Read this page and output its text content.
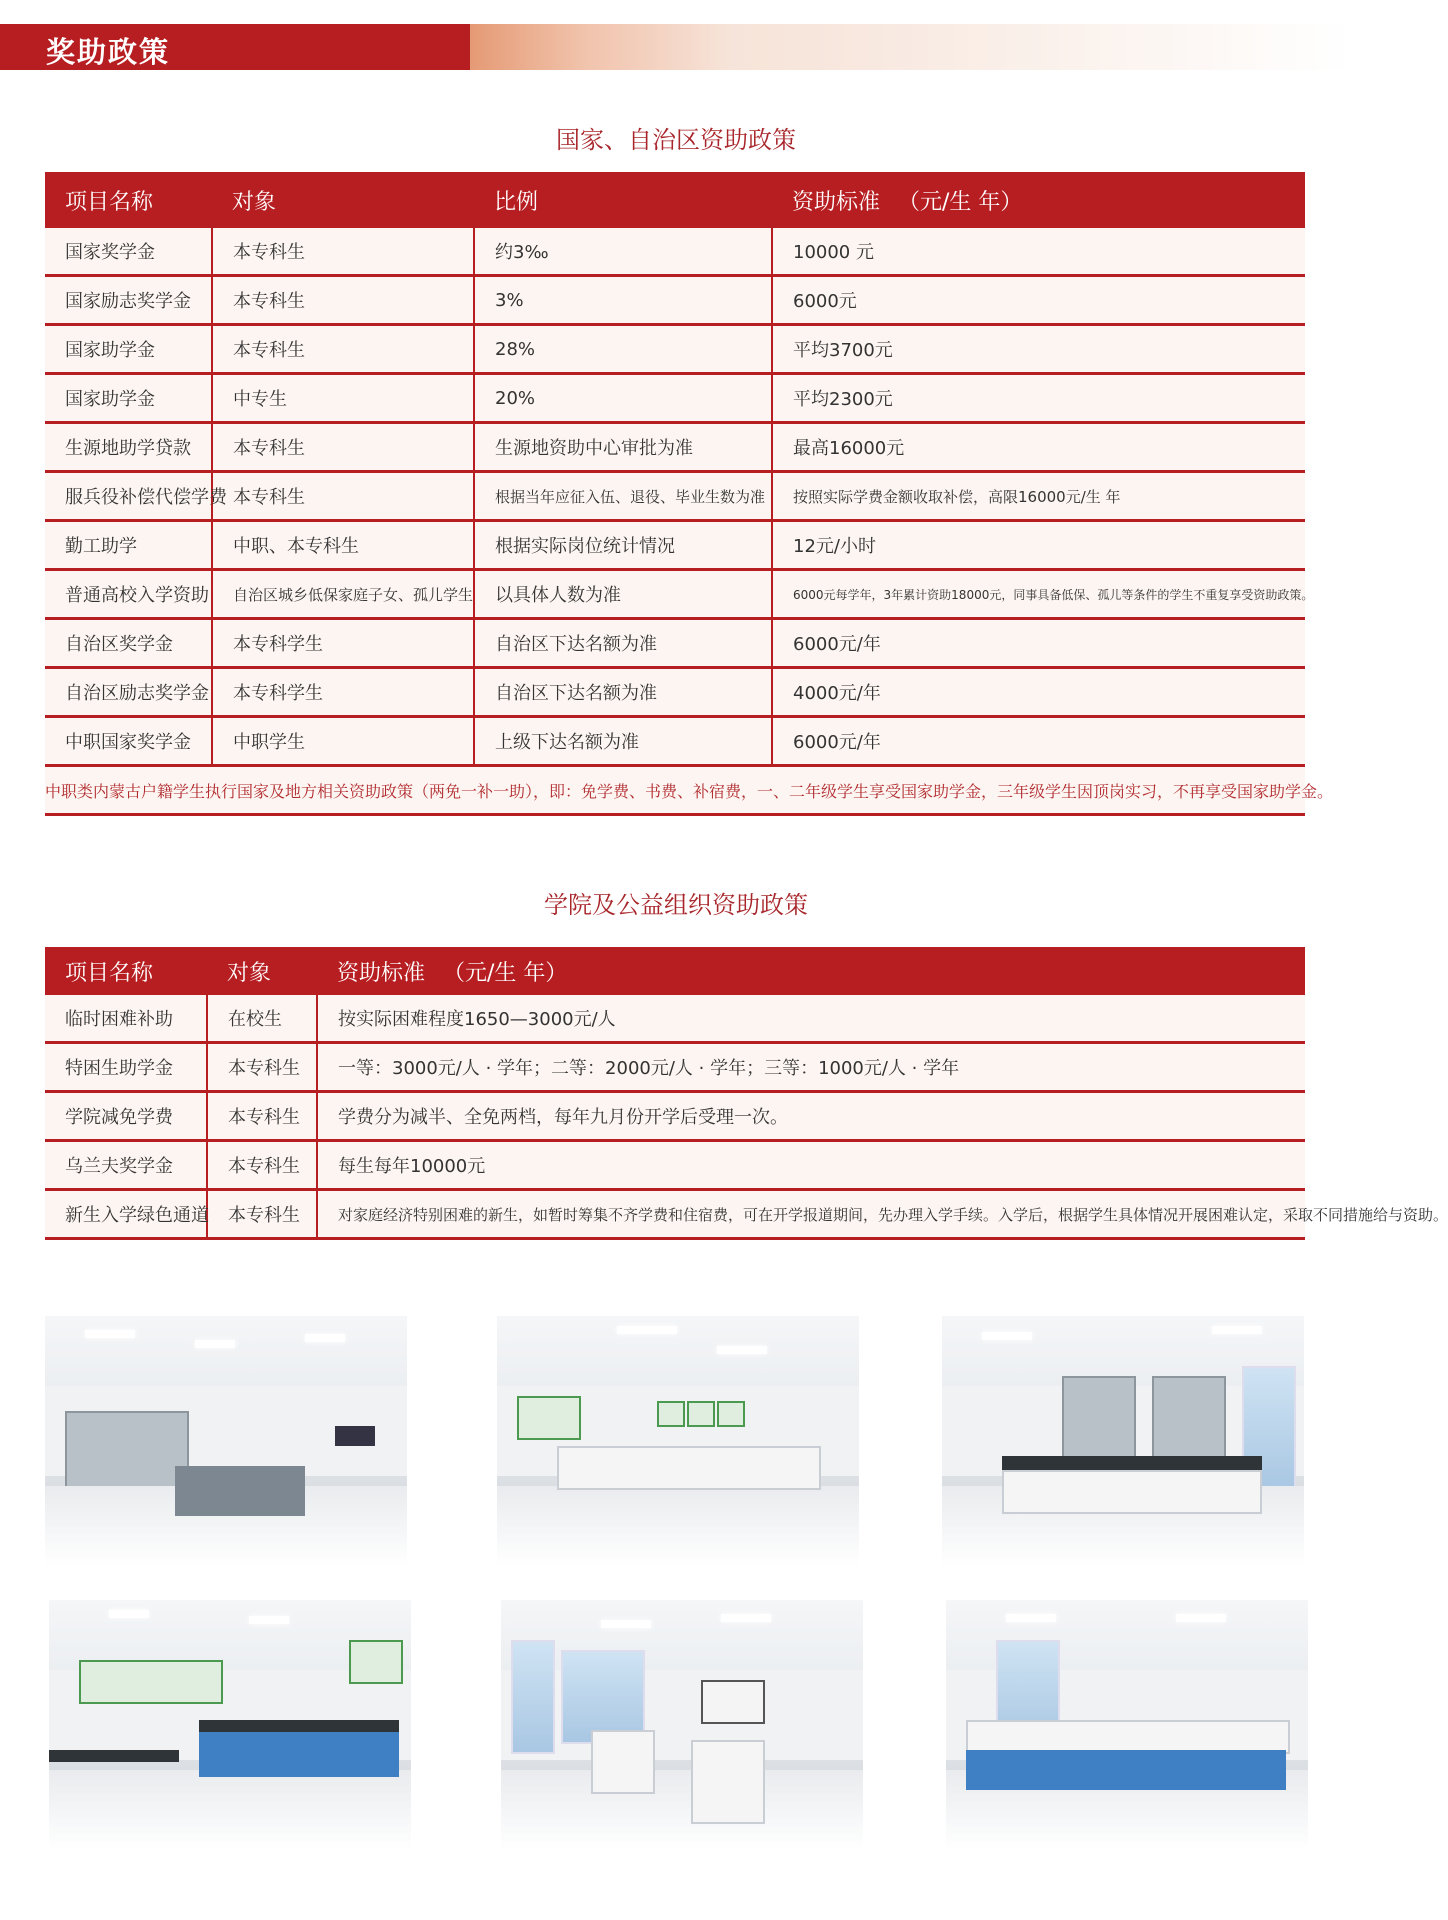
奖助政策
国家、自治区资助政策
项目名称	对象	比例	资助标准 （元/生 年）
国家奖学金	本专科生	约3‰	10000 元
国家励志奖学金	本专科生	3%	6000元
国家助学金	本专科生	28%	平均3700元
国家助学金	中专生	20%	平均2300元
生源地助学贷款	本专科生	生源地资助中心审批为准	最高16000元
服兵役补偿代偿学费	本专科生	根据当年应征入伍、退役、毕业生数为准	按照实际学费金额收取补偿，高限16000元/生 年
勤工助学	中职、本专科生	根据实际岗位统计情况	12元/小时
普通高校入学资助	自治区城乡低保家庭子女、孤儿学生	以具体人数为准	6000元每学年，3年累计资助18000元，同事具备低保、孤儿等条件的学生不重复享受资助政策。
自治区奖学金	本专科学生	自治区下达名额为准	6000元/年
自治区励志奖学金	本专科学生	自治区下达名额为准	4000元/年
中职国家奖学金	中职学生	上级下达名额为准	6000元/年
中职类内蒙古户籍学生执行国家及地方相关资助政策（两免一补一助），即：免学费、书费、补宿费，一、二年级学生享受国家助学金，三年级学生因顶岗实习，不再享受国家助学金。			
学院及公益组织资助政策
项目名称	对象	资助标准 （元/生 年）
临时困难补助	在校生	按实际困难程度1650—3000元/人
特困生助学金	本专科生	一等：3000元/人 · 学年；二等：2000元/人 · 学年；三等：1000元/人 · 学年
学院减免学费	本专科生	学费分为减半、全免两档，每年九月份开学后受理一次。
乌兰夫奖学金	本专科生	每生每年10000元
新生入学绿色通道	本专科生	对家庭经济特别困难的新生，如暂时筹集不齐学费和住宿费，可在开学报道期间，先办理入学手续。入学后，根据学生具体情况开展困难认定，采取不同措施给与资助。
